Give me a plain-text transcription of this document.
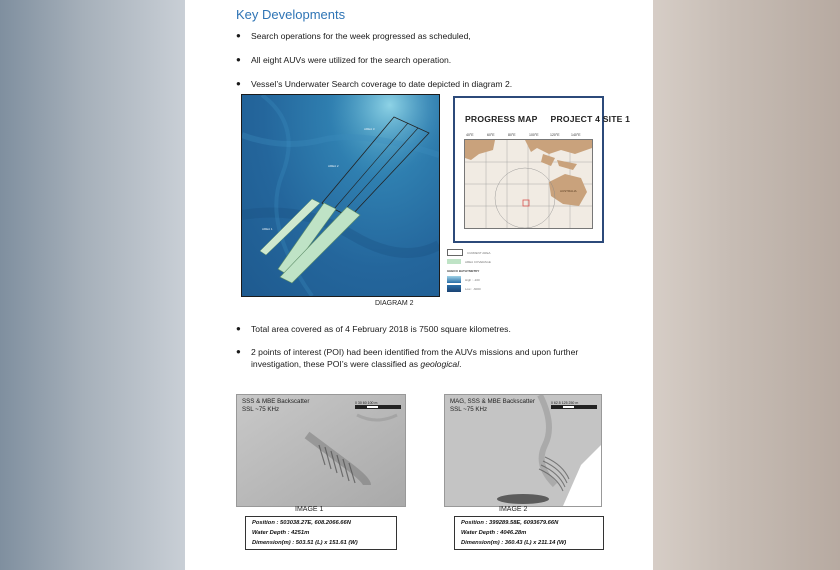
Key Developments
● Search operations for the week progressed as scheduled,
● All eight AUVs were utilized for the search operation.
● Vessel’s Underwater Search coverage to date depicted in diagram 2.
AREA 3
AREA 2
AREA 1
CURRENT AREA
AREA COVERAGE
GEBCO BATHYMETRY
High : -100
Low : -6000
PROGRESS MAP PROJECT 4 SITE 1
40°E	60°E	80°E	100°E	120°E	140°E
AUSTRALIA
DIAGRAM 2
● Total area covered as of 4 February 2018 is 7500 square kilometres.
● 2 points of interest (POI) had been identified from the AUVs missions and upon further investigation, these POI’s were classified as geological.
SSS & MBE Backscatter
SSL ~75 KHz
0 30 60 100 m	MAG, SSS & MBE Backscatter
SSL ~75 KHz
0 62.5 125 250 m
IMAGE 1	IMAGE 2
Position : 503038.27E, 608.2066.66N
Water Depth : 4251m
Dimension(m) : 503.51 (L) x 151.61 (W)
Position : 399289.58E, 6093679.66N
Water Depth : 4046.28m
Dimension(m) : 360.43 (L) x 211.14 (W)
